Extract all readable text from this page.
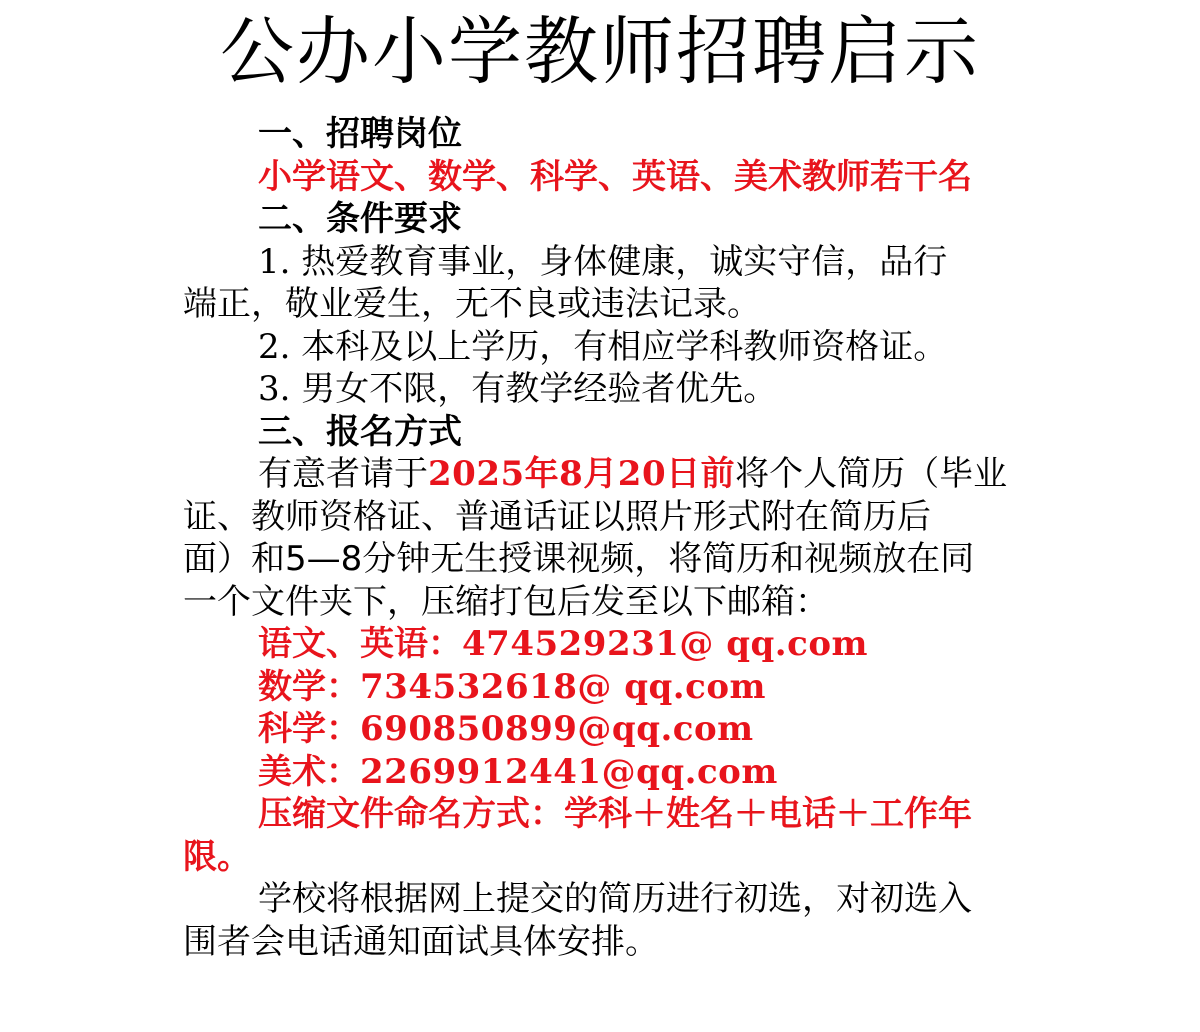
公办小学教师招聘启示
一、招聘岗位
小学语文、数学、科学、英语、美术教师若干名
二、条件要求
1. 热爱教育事业，身体健康，诚实守信，品行
端正，敬业爱生，无不良或违法记录。
2. 本科及以上学历，有相应学科教师资格证。
3. 男女不限，有教学经验者优先。
三、报名方式
有意者请于2025年8月20日前将个人简历（毕业
证、教师资格证、普通话证以照片形式附在简历后
面）和5—8分钟无生授课视频，将简历和视频放在同
一个文件夹下，压缩打包后发至以下邮箱：
语文、英语：474529231@ qq.com
数学：734532618@ qq.com
科学：690850899@qq.com
美术：2269912441@qq.com
压缩文件命名方式：学科＋姓名＋电话＋工作年
限。
学校将根据网上提交的简历进行初选，对初选入
围者会电话通知面试具体安排。
